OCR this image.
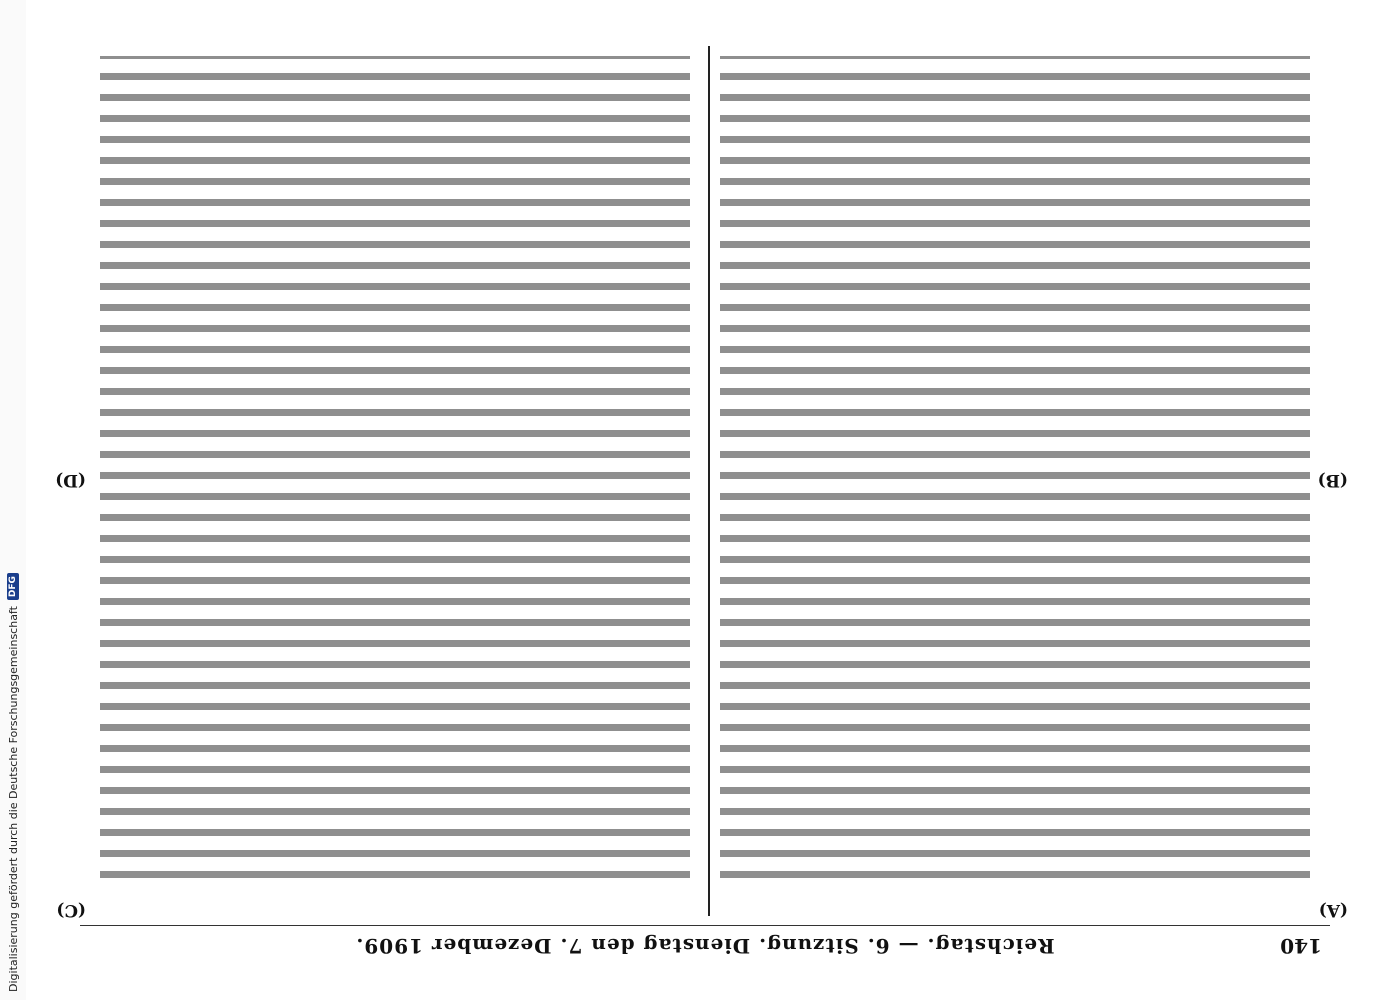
Digitalisierung gefördert durch die Deutsche Forschungsgemeinschaft
DFG
140
Reichstag. — 6. Sitzung. Dienstag den 7. Dezember 1909.
(A)
(B)
(C)
(D)
